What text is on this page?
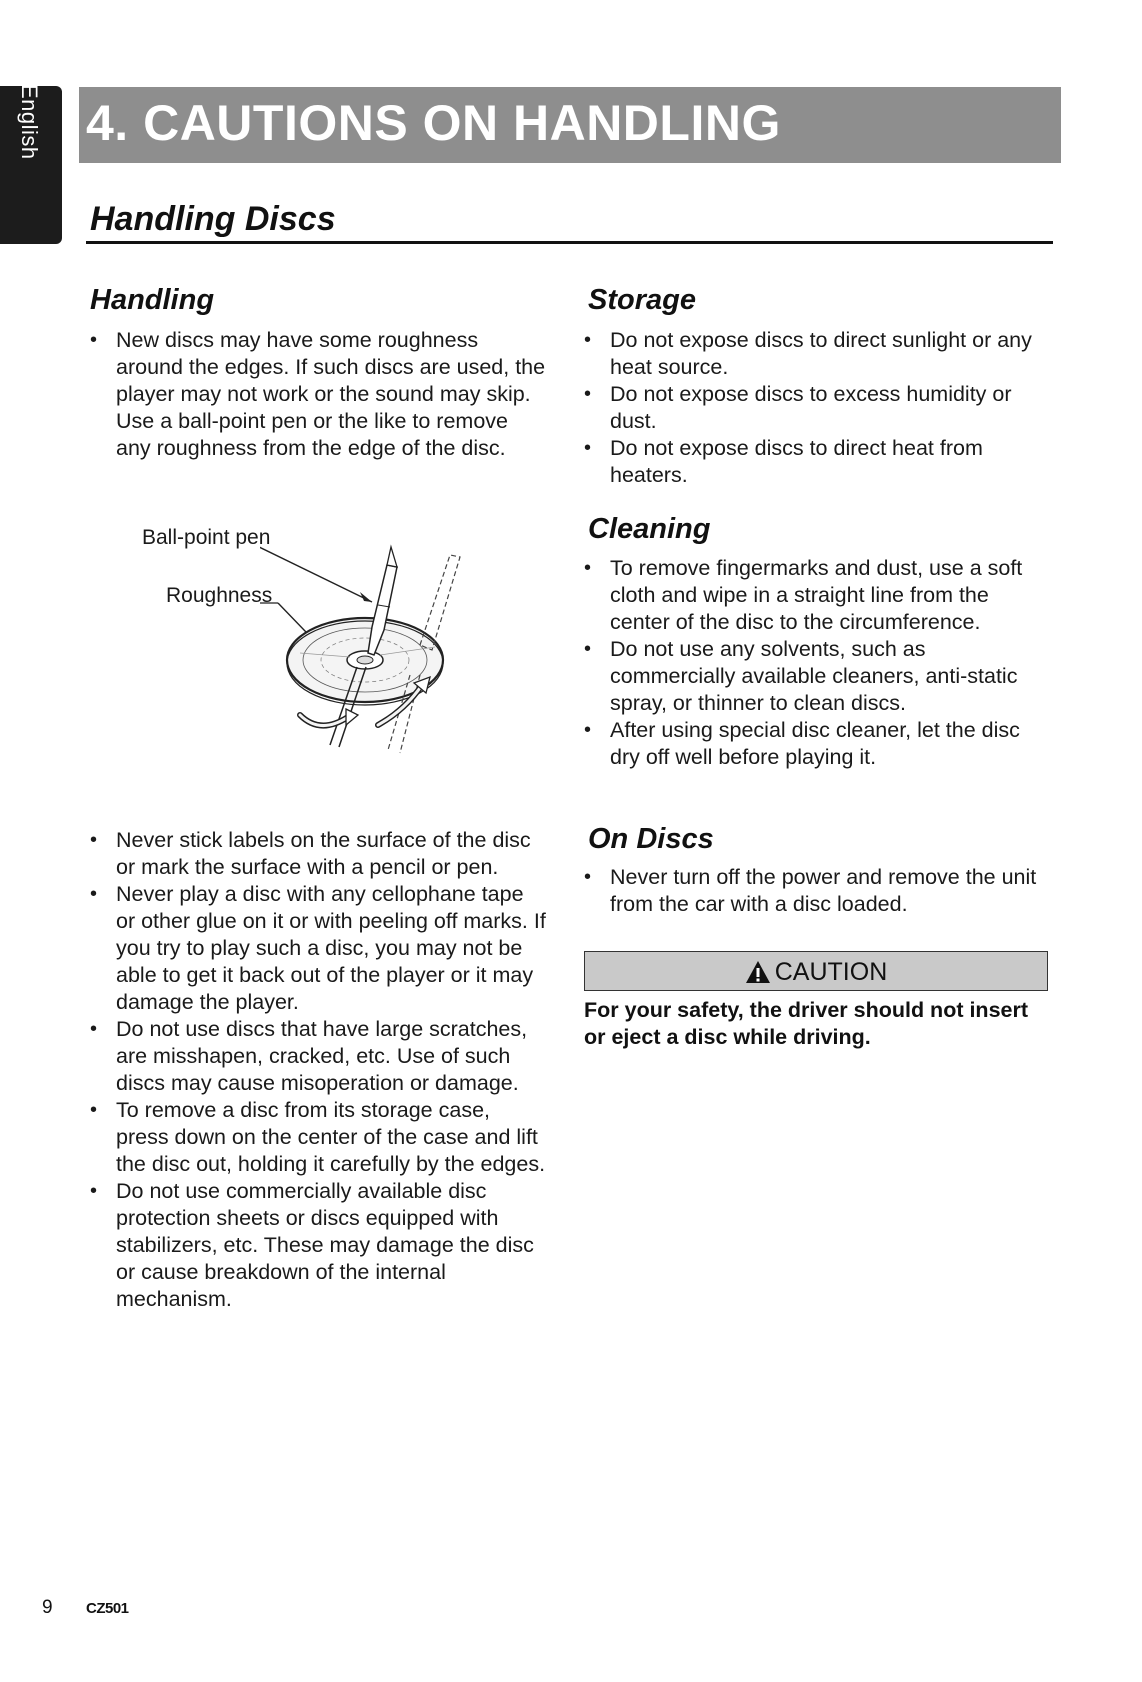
English 4. CAUTIONS ON HANDLING
Handling Discs
Handling
• New discs may have some roughness around the edges. If such discs are used, the player may not work or the sound may skip. Use a ball-point pen or the like to remove any roughness from the edge of the disc.
Ball-point pen
Roughness
• Never stick labels on the surface of the disc or mark the surface with a pencil or pen.
• Never play a disc with any cellophane tape or other glue on it or with peeling off marks. If you try to play such a disc, you may not be able to get it back out of the player or it may damage the player.
• Do not use discs that have large scratches, are misshapen, cracked, etc. Use of such discs may cause misoperation or damage.
• To remove a disc from its storage case, press down on the center of the case and lift the disc out, holding it carefully by the edges.
• Do not use commercially available disc protection sheets or discs equipped with stabilizers, etc. These may damage the disc or cause breakdown of the internal mechanism.
Storage
• Do not expose discs to direct sunlight or any heat source.
• Do not expose discs to excess humidity or dust.
• Do not expose discs to direct heat from heaters.
Cleaning
• To remove fingermarks and dust, use a soft cloth and wipe in a straight line from the center of the disc to the circumference.
• Do not use any solvents, such as commercially available cleaners, anti-static spray, or thinner to clean discs.
• After using special disc cleaner, let the disc dry off well before playing it.
On Discs
• Never turn off the power and remove the unit from the car with a disc loaded.
CAUTION

For your safety, the driver should not insert or eject a disc while driving.

9 CZ501
